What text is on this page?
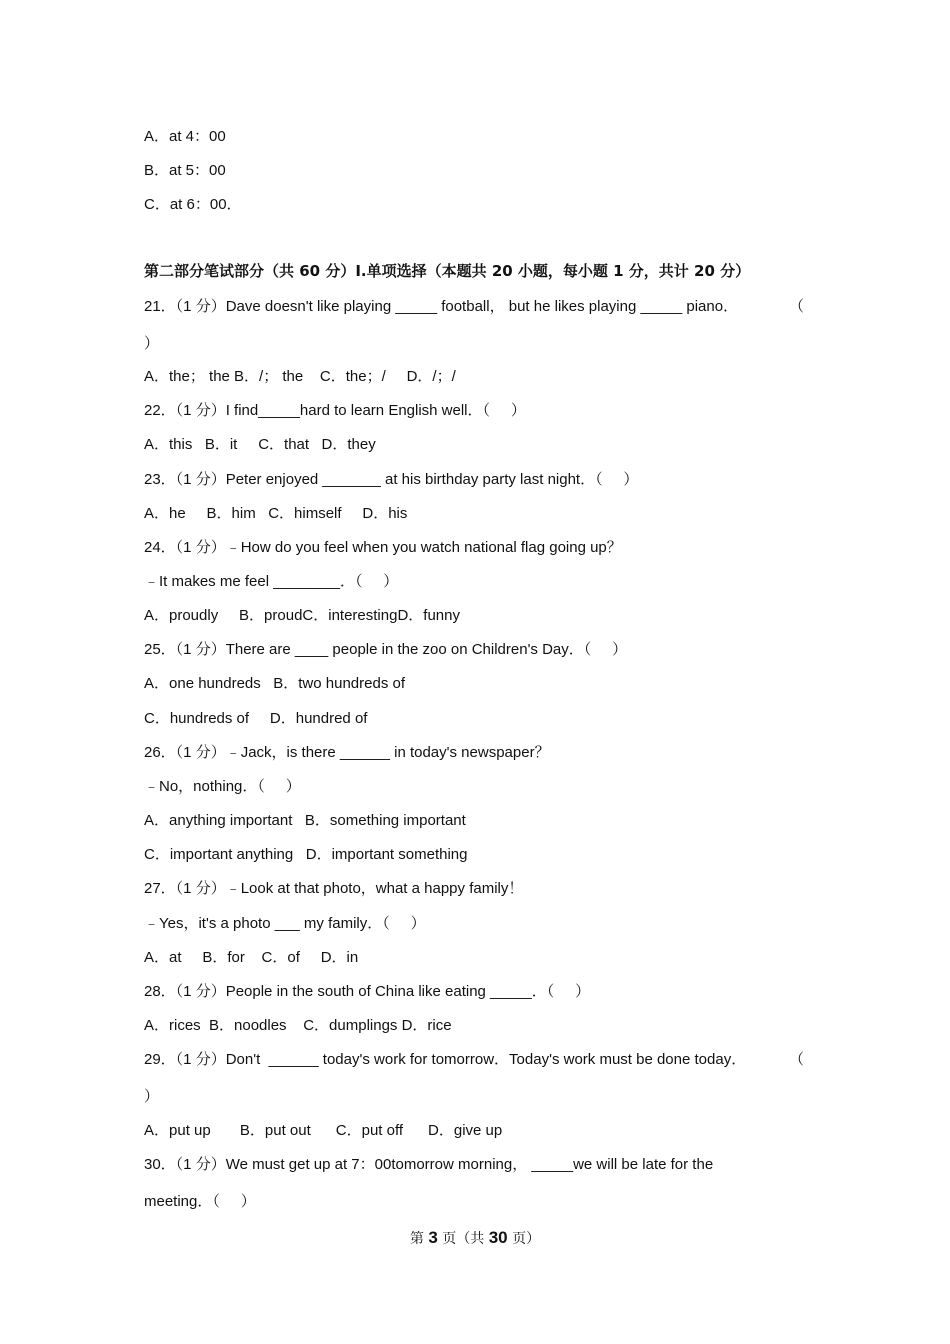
A．at 4：00
B．at 5：00
C．at 6：00．
第二部分笔试部分（共 60 分）I.单项选择（本题共 20 小题，每小题 1 分，共计 20 分）
21．（1 分）Dave doesn't like playing _____ football， but he likes playing _____ piano．	（
）
A．the； the B．/； the    C．the；/     D．/；/
22．（1 分）I find_____hard to learn English well．（     ）
A．this   B．it     C．that   D．they
23．（1 分）Peter enjoyed _______ at his birthday party last night．（     ）
A．he     B．him   C．himself     D．his
24．（1 分）﹣How do you feel when you watch national flag going up？
﹣It makes me feel ________．（     ）
A．proudly     B．proudC．interestingD．funny
25．（1 分）There are ____ people in the zoo on Children's Day．（     ）
A．one hundreds   B．two hundreds of
C．hundreds of     D．hundred of
26．（1 分）﹣Jack，is there ______ in today's newspaper？
﹣No，nothing．（     ）
A．anything important   B．something important
C．important anything   D．important something
27．（1 分）﹣Look at that photo，what a happy family！
﹣Yes，it's a photo ___ my family．（     ）
A．at     B．for    C．of     D．in
28．（1 分）People in the south of China like eating _____．（     ）
A．rices  B．noodles    C．dumplings D．rice
29．（1 分）Don't  ______ today's work for tomorrow．Today's work must be done today．	（
）
A．put up       B．put out      C．put off      D．give up
30．（1 分）We must get up at 7：00tomorrow morning， _____we will be late for the
meeting．（     ）
第 3 页（共 30 页）
